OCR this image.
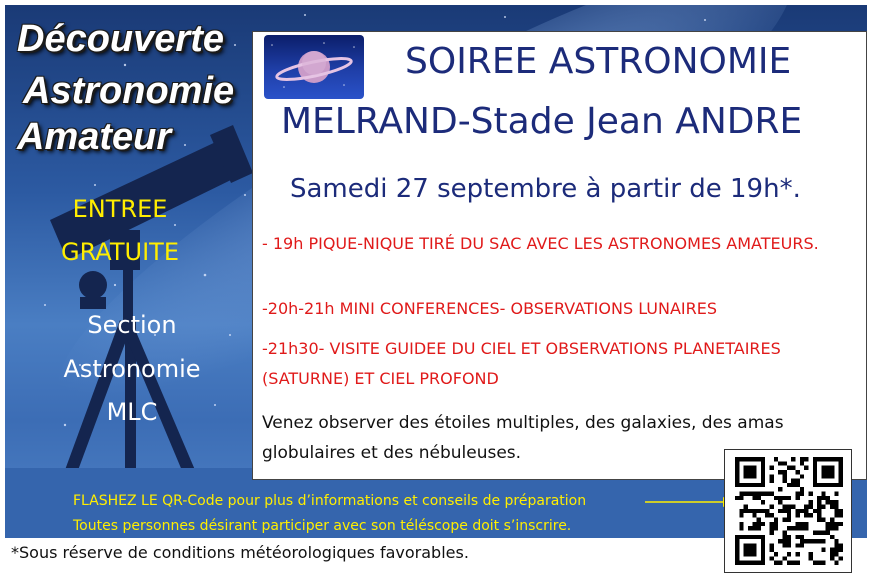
Découverte
Astronomie
Amateur
ENTREE
GRATUITE
Section
Astronomie
MLC
SOIREE ASTRONOMIE
MELRAND-Stade Jean ANDRE
Samedi 27 septembre à partir de 19h*.
- 19h PIQUE-NIQUE TIRÉ DU SAC AVEC LES ASTRONOMES AMATEURS.
-20h-21h MINI CONFERENCES- OBSERVATIONS LUNAIRES
-21h30- VISITE GUIDEE DU CIEL ET OBSERVATIONS PLANETAIRES (SATURNE) ET CIEL PROFOND
Venez observer des étoiles multiples, des galaxies, des amas globulaires et des nébuleuses.
FLASHEZ LE QR-Code pour plus d’informations et conseils de préparation
Toutes personnes désirant participer avec son téléscope doit s’inscrire.
*Sous réserve de conditions météorologiques favorables.
